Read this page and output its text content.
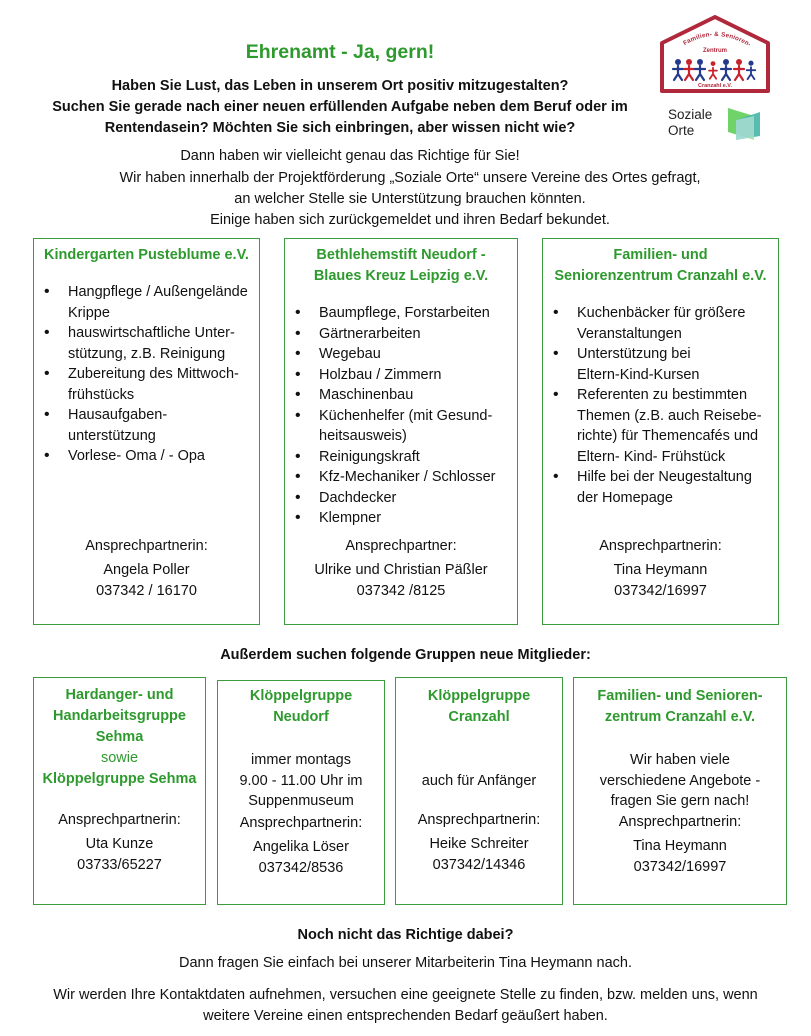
Ehrenamt - Ja, gern!
Haben Sie Lust, das Leben in unserem Ort positiv mitzugestalten?
Suchen Sie gerade nach einer neuen erfüllenden Aufgabe neben dem Beruf oder im
Rentendasein? Möchten Sie sich einbringen, aber wissen nicht wie?
Familien- & Senioren-
Zentrum
Cranzahl e.V.
Soziale
Orte
Dann haben wir vielleicht genau das Richtige für Sie!
Wir haben innerhalb der Projektförderung „Soziale Orte“ unsere Vereine des Ortes gefragt,
an welcher Stelle sie Unterstützung brauchen könnten.
Einige haben sich zurückgemeldet und ihren Bedarf bekundet.
Kindergarten Pusteblume e.V.
• Hangpflege / Außengelände
Krippe
• hauswirtschaftliche Unter-
stützung, z.B. Reinigung
• Zubereitung des Mittwoch-
frühstücks
• Hausaufgaben-
unterstützung
• Vorlese- Oma / - Opa
Ansprechpartnerin:
Angela Poller
037342 / 16170
Bethlehemstift Neudorf -
Blaues Kreuz Leipzig e.V.
• Baumpflege, Forstarbeiten
• Gärtnerarbeiten
• Wegebau
• Holzbau / Zimmern
• Maschinenbau
• Küchenhelfer (mit Gesund-
heitsausweis)
• Reinigungskraft
• Kfz-Mechaniker / Schlosser
• Dachdecker
• Klempner
Ansprechpartner:
Ulrike und Christian Päßler
037342 /8125
Familien- und
Seniorenzentrum Cranzahl e.V.
• Kuchenbäcker für größere
Veranstaltungen
• Unterstützung bei
Eltern-Kind-Kursen
• Referenten zu bestimmten
Themen (z.B. auch Reisebe-
richte) für Themencafés und
Eltern- Kind- Frühstück
• Hilfe bei der Neugestaltung
der Homepage
Ansprechpartnerin:
Tina Heymann
037342/16997
Außerdem suchen folgende Gruppen neue Mitglieder:
Hardanger- und
Handarbeitsgruppe
Sehma
sowie
Klöppelgruppe Sehma
Ansprechpartnerin:
Uta Kunze
03733/65227
Klöppelgruppe
Neudorf
immer montags
9.00 - 11.00 Uhr im
Suppenmuseum
Ansprechpartnerin:
Angelika Löser
037342/8536
Klöppelgruppe
Cranzahl

auch für Anfänger
Ansprechpartnerin:
Heike Schreiter
037342/14346
Familien- und Senioren-
zentrum Cranzahl e.V.
Wir haben viele
verschiedene Angebote -
fragen Sie gern nach!
Ansprechpartnerin:
Tina Heymann
037342/16997
Noch nicht das Richtige dabei?
Dann fragen Sie einfach bei unserer Mitarbeiterin Tina Heymann nach.
Wir werden Ihre Kontaktdaten aufnehmen, versuchen eine geeignete Stelle zu finden, bzw. melden uns, wenn
weitere Vereine einen entsprechenden Bedarf geäußert haben.
